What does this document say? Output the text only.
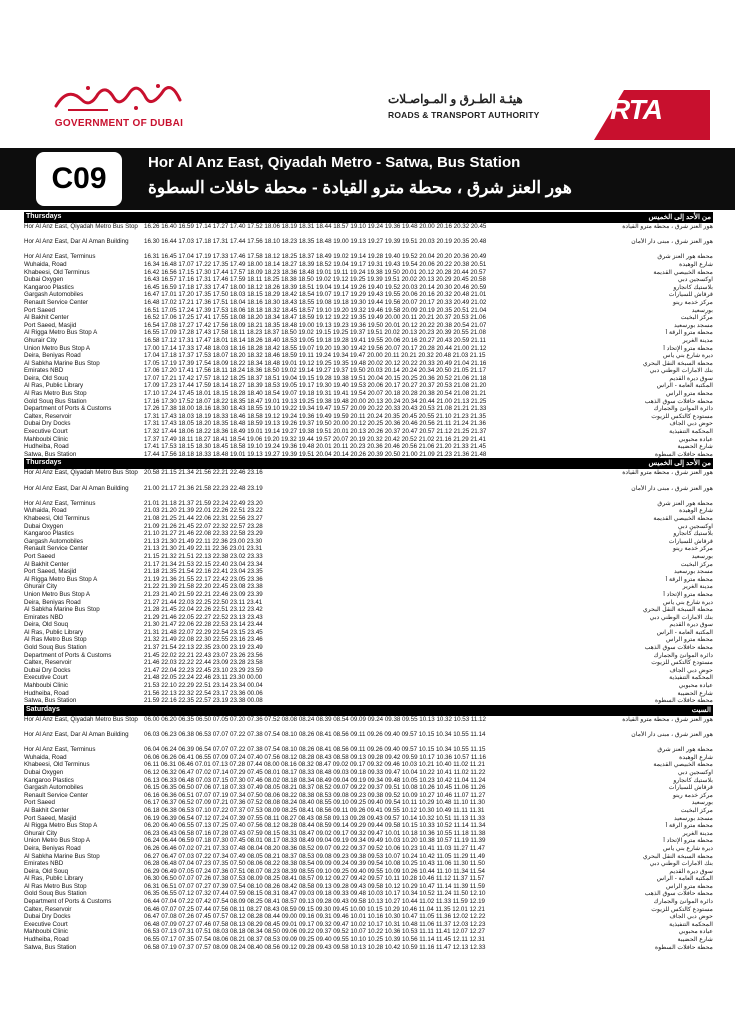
GOVERNMENT OF DUBAI
هيئـة الطـرق و المـواصـلات
ROADS & TRANSPORT AUTHORITY	RTA
C09	Hor Al Anz East, Qiyadah Metro - Satwa, Bus Station
هور العنز شرق ، محطة مترو القيادة - محطة حافلات السطوة
Thursdays	من الأحد إلى الخميس
Hor Al Anz East, Qiyadah Metro Bus Stop 16.26 16.40 16.59 17.14 17.27 17.40 17.52 18.06 18.19 18.31 18.44 18.57 19.10 19.24 19.36 19.48 20.00 20.16 20.32 20.45	هور العنز شرق ، محطة مترو القيادة
Hor Al Anz East, Dar Al Aman Building	16.30 16.44 17.03 17.18 17.31 17.44 17.56 18.10 18.23 18.35 18.48 19.00 19.13 19.27 19.39 19.51 20.03 20.19 20.35 20.48	هور العنز شرق ، مبنى دار الأمان
Hor Al Anz East, Terminus	16.31 16.45 17.04 17.19 17.33 17.46 17.58 18.12 18.25 18.37 18.49 19.02 19.14 19.28 19.40 19.52 20.04 20.20 20.36 20.49	محطة هور العنز شرق
Wuhaida, Road	16.34 16.48 17.07 17.22 17.35 17.49 18.00 18.14 18.27 18.39 18.52 19.04 19.17 19.31 19.43 19.54 20.06 20.22 20.38 20.51	شارع الوهيدة
Khabeesi, Old Terminus	16.42 16.56 17.15 17.30 17.44 17.57 18.09 18.23 18.36 18.48 19.01 19.11 19.24 19.38 19.50 20.01 20.12 20.28 20.44 20.57	محطة الخبيصي القديمة
Dubai Oxygen	16.43 16.57 17.16 17.31 17.46 17.59 18.11 18.25 18.38 18.50 19.02 19.12 19.25 19.39 19.51 20.02 20.13 20.29 20.45 20.58	اوكسجين دبي
Kangaroo Plastics	16.45 16.59 17.18 17.33 17.47 18.00 18.12 18.26 18.39 18.51 19.04 19.14 19.26 19.40 19.52 20.03 20.14 20.30 20.46 20.59	بلاستيك كانجارو
Gargash Automobiles	16.47 17.01 17.20 17.35 17.50 18.03 18.15 18.29 18.42 18.54 19.07 19.17 19.29 19.43 19.55 20.06 20.16 20.32 20.48 21.01	قرقاش للسيارات
Renault Service Center	16.48 17.02 17.21 17.36 17.51 18.04 18.16 18.30 18.43 18.55 19.08 19.18 19.30 19.44 19.56 20.07 20.17 20.33 20.49 21.02	مركز خدمة رينو
Port Saeed	16.51 17.05 17.24 17.39 17.53 18.06 18.18 18.32 18.45 18.57 19.10 19.20 19.32 19.46 19.58 20.09 20.19 20.35 20.51 21.04	بورسعيد
Al Bakhit Center	16.52 17.06 17.25 17.41 17.55 18.08 18.20 18.34 18.47 18.59 19.12 19.22 19.35 19.49 20.00 20.11 20.21 20.37 20.53 21.06	مركز البخيت
Port Saeed, Masjid	16.54 17.08 17.27 17.42 17.56 18.09 18.21 18.35 18.48 19.00 19.13 19.23 19.36 19.50 20.01 20.12 20.22 20.38 20.54 21.07	مسجد بورسعيد
Al Rigga Metro Bus Stop A	16.55 17.09 17.28 17.43 17.58 18.11 18.23 18.37 18.50 19.02 19.15 19.25 19.37 19.51 20.02 20.13 20.23 20.39 20.55 21.08	محطة مترو الرقة أ
Ghurair City	16.58 17.12 17.31 17.47 18.01 18.14 18.26 18.40 18.53 19.05 19.18 19.28 19.41 19.55 20.06 20.16 20.27 20.43 20.59 21.11	مدينة الغرير
Union Metro Bus Stop A	17.00 17.14 17.33 17.48 18.03 18.16 18.28 18.42 18.55 19.07 19.20 19.30 19.42 19.56 20.07 20.17 20.28 20.44 21.00 21.12	محطة مترو الإتحاد أ
Deira, Beniyas Road	17.04 17.18 17.37 17.53 18.07 18.20 18.32 18.46 18.59 19.11 19.24 19.34 19.47 20.00 20.11 20.21 20.32 20.48 21.03 21.15	ديرة شارع بني ياس
Al Sabkha Marine Bus Stop	17.05 17.19 17.39 17.54 18.09 18.22 18.34 18.48 19.01 19.12 19.25 19.35 19.48 20.02 20.12 20.22 20.33 20.49 21.04 21.16	محطة السبخة النقل البحري
Emirates NBD	17.06 17.20 17.41 17.56 18.11 18.24 18.36 18.50 19.02 19.14 19.27 19.37 19.50 20.03 20.14 20.24 20.34 20.50 21.05 21.17	بنك الامارات الوطني دبي
Deira, Old Souq	17.07 17.21 17.42 17.57 18.12 18.25 18.37 18.51 19.04 19.15 19.28 19.38 19.51 20.04 20.15 20.25 20.36 20.52 21.06 21.18	سوق ديرة القديم
Al Ras, Public Library	17.09 17.23 17.44 17.59 18.14 18.27 18.39 18.53 19.05 19.17 19.30 19.40 19.53 20.06 20.17 20.27 20.37 20.53 21.08 21.20	المكتبة العامة - الراس
Al Ras Metro Bus Stop	17.10 17.24 17.45 18.01 18.15 18.28 18.40 18.54 19.07 19.18 19.31 19.41 19.54 20.07 20.18 20.28 20.38 20.54 21.08 21.21	محطة مترو الراس
Gold Souq Bus Station	17.16 17.30 17.52 18.07 18.22 18.35 18.47 19.01 19.13 19.25 19.38 19.48 20.00 20.13 20.24 20.34 20.44 21.00 21.13 21.25	محطة حافلات سوق الذهب
Department of Ports & Customs	17.26 17.38 18.00 18.16 18.30 18.43 18.55 19.10 19.22 19.34 19.47 19.57 20.09 20.22 20.33 20.43 20.53 21.08 21.21 21.33	دائرة الموانئ والجمارك
Caltex, Reservoir	17.31 17.43 18.03 18.19 18.33 18.46 18.58 19.12 19.24 19.36 19.49 19.59 20.11 20.24 20.35 20.45 20.55 21.10 21.23 21.35	مستودع كالتكس للزيوت
Dubai Dry Docks	17.31 17.43 18.05 18.20 18.35 18.48 18.59 19.13 19.26 19.37 19.50 20.00 20.12 20.25 20.36 20.46 20.56 21.11 21.24 21.36	حوض دبي الجاف
Executive Court	17.32 17.44 18.06 18.22 18.36 18.49 19.01 19.14 19.27 19.38 19.51 20.01 20.13 20.26 20.37 20.47 20.57 21.12 21.25 21.37	المحكمة التنفيذية
Mahboubi Clinic	17.37 17.49 18.11 18.27 18.41 18.54 19.06 19.20 19.32 19.44 19.57 20.07 20.19 20.32 20.42 20.52 21.02 21.16 21.29 21.41	عيادة محبوبي
Hudheiba, Road	17.41 17.53 18.15 18.30 18.45 18.58 19.10 19.24 19.36 19.48 20.01 20.11 20.23 20.36 20.46 20.56 21.06 21.20 21.33 21.45	شارع الحضيبة
Satwa, Bus Station	17.44 17.56 18.18 18.33 18.48 19.01 19.13 19.27 19.39 19.51 20.04 20.14 20.26 20.39 20.50 21.00 21.09 21.23 21.36 21.48	محطة حافلات السطوة
Thursdays	من الأحد إلى الخميس
Hor Al Anz East, Qiyadah Metro Bus Stop 20.58 21.15 21.34 21.56 22.21 22.46 23.16	هور العنز شرق ، محطة مترو القيادة
Hor Al Anz East, Dar Al Aman Building	21.00 21.17 21.36 21.58 22.23 22.48 23.19	هور العنز شرق ، مبنى دار الأمان
Hor Al Anz East, Terminus	21.01 21.18 21.37 21.59 22.24 22.49 23.20	محطة هور العنز شرق
Wuhaida, Road	21.03 21.20 21.39 22.01 22.26 22.51 23.22	شارع الوهيدة
Khabeesi, Old Terminus	21.08 21.25 21.44 22.06 22.31 22.56 23.27	محطة الخبيصي القديمة
Dubai Oxygen	21.09 21.26 21.45 22.07 22.32 22.57 23.28	اوكسجين دبي
Kangaroo Plastics	21.10 21.27 21.46 22.08 22.33 22.58 23.29	بلاستيك كانجارو
Gargash Automobiles	21.13 21.30 21.49 22.11 22.36 23.00 23.30	قرقاش للسيارات
Renault Service Center	21.13 21.30 21.49 22.11 22.36 23.01 23.31	مركز خدمة رينو
Port Saeed	21.15 21.32 21.51 22.13 22.38 23.02 23.33	بورسعيد
Al Bakhit Center	21.17 21.34 21.53 22.15 22.40 23.04 23.34	مركز البخيت
Port Saeed, Masjid	21.18 21.35 21.54 22.16 22.41 23.04 23.35	مسجد بورسعيد
Al Rigga Metro Bus Stop A	21.19 21.36 21.55 22.17 22.42 23.05 23.36	محطة مترو الرقة أ
Ghurair City	21.22 21.39 21.58 22.20 22.45 23.08 23.38	مدينة الغرير
Union Metro Bus Stop A	21.23 21.40 21.59 22.21 22.46 23.09 23.39	محطة مترو الإتحاد أ
Deira, Beniyas Road	21.27 21.44 22.03 22.25 22.50 23.11 23.41	ديرة شارع بني ياس
Al Sabkha Marine Bus Stop	21.28 21.45 22.04 22.26 22.51 23.12 23.42	محطة السبخة النقل البحري
Emirates NBD	21.29 21.46 22.05 22.27 22.52 23.13 23.43	بنك الامارات الوطني دبي
Deira, Old Souq	21.30 21.47 22.06 22.28 22.53 23.14 23.44	سوق ديرة القديم
Al Ras, Public Library	21.31 21.48 22.07 22.29 22.54 23.15 23.45	المكتبة العامة - الراس
Al Ras Metro Bus Stop	21.32 21.49 22.08 22.30 22.55 23.16 23.46	محطة مترو الراس
Gold Souq Bus Station	21.37 21.54 22.13 22.35 23.00 23.19 23.49	محطة حافلات سوق الذهب
Department of Ports & Customs	21.45 22.02 22.21 22.43 23.07 23.26 23.56	دائرة الموانئ والجمارك
Caltex, Reservoir	21.46 22.03 22.22 22.44 23.09 23.28 23.58	مستودع كالتكس للزيوت
Dubai Dry Docks	21.47 22.04 22.23 22.45 23.10 23.29 23.59	حوض دبي الجاف
Executive Court	21.48 22.05 22.24 22.46 23.11 23.30 00.00	المحكمة التنفيذية
Mahboubi Clinic	21.53 22.10 22.29 22.51 23.14 23.34 00.04	عيادة محبوبي
Hudheiba, Road	21.56 22.13 22.32 22.54 23.17 23.36 00.06	شارع الحضيبة
Satwa, Bus Station	21.59 22.16 22.35 22.57 23.19 23.38 00.08	محطة حافلات السطوة
Saturdays	السبت
Hor Al Anz East, Qiyadah Metro Bus Stop 06.00 06.20 06.35 06.50 07.05 07.20 07.36 07.52 08.08 08.24 08.39 08.54 09.09 09.24 09.38 09.55 10.13 10.32 10.53 11.12	هور العنز شرق ، محطة مترو القيادة
Hor Al Anz East, Dar Al Aman Building	06.03 06.23 06.38 06.53 07.07 07.22 07.38 07.54 08.10 08.26 08.41 08.56 09.11 09.26 09.40 09.57 10.15 10.34 10.55 11.14	هور العنز شرق ، مبنى دار الأمان
Hor Al Anz East, Terminus	06.04 06.24 06.39 06.54 07.07 07.22 07.38 07.54 08.10 08.26 08.41 08.56 09.11 09.26 09.40 09.57 10.15 10.34 10.55 11.15	محطة هور العنز شرق
Wuhaida, Road	06.06 06.26 06.41 06.55 07.09 07.24 07.40 07.56 08.12 08.28 08.43 08.58 09.13 09.28 09.42 09.59 10.17 10.36 10.57 11.16	شارع الوهيدة
Khabeesi, Old Terminus	06.11 06.31 06.46 07.01 07.13 07.28 07.44 08.00 08.16 08.32 08.47 09.02 09.17 09.32 09.46 10.03 10.21 10.40 11.02 11.21	محطة الخبيصي القديمة
Dubai Oxygen	06.12 06.32 06.47 07.02 07.14 07.29 07.45 08.01 08.17 08.33 08.48 09.03 09.18 09.33 09.47 10.04 10.22 10.41 11.02 11.22	اوكسجين دبي
Kangaroo Plastics	06.13 06.33 06.48 07.03 07.15 07.30 07.46 08.02 08.18 08.34 08.49 09.04 09.19 09.34 09.48 10.05 10.23 10.42 11.04 11.24	بلاستيك كانجارو
Gargash Automobiles	06.15 06.35 06.50 07.06 07.18 07.33 07.49 08.05 08.21 08.37 08.52 09.07 09.22 09.37 09.51 10.08 10.26 10.45 11.06 11.26	قرقاش للسيارات
Renault Service Center	06.16 06.36 06.51 07.07 07.19 07.34 07.50 08.06 08.22 08.38 08.53 09.08 09.23 09.38 09.52 10.09 10.27 10.46 11.07 11.27	مركز خدمة رينو
Port Saeed	06.17 06.37 06.52 07.09 07.21 07.36 07.52 08.08 08.24 08.40 08.55 09.10 09.25 09.40 09.54 10.11 10.29 10.48 11.10 11.30	بورسعيد
Al Bakhit Center	06.18 06.38 06.53 07.10 07.22 07.37 07.53 08.09 08.25 08.41 08.56 09.11 09.26 09.41 09.55 10.12 10.30 10.49 11.11 11.31	مركز البخيت
Port Saeed, Masjid	06.19 06.39 06.54 07.12 07.24 07.39 07.55 08.11 08.27 08.43 08.58 09.13 09.28 09.43 09.57 10.14 10.32 10.51 11.13 11.33	مسجد بورسعيد
Al Rigga Metro Bus Stop A	06.20 06.40 06.55 07.13 07.25 07.40 07.56 08.12 08.28 08.44 08.59 09.14 09.29 09.44 09.58 10.15 10.33 10.52 11.14 11.34	محطة مترو الرقة أ
Ghurair City	06.23 06.43 06.58 07.16 07.28 07.43 07.59 08.15 08.31 08.47 09.02 09.17 09.32 09.47 10.01 10.18 10.36 10.55 11.18 11.38	مدينة الغرير
Union Metro Bus Stop A	06.24 06.44 06.59 07.18 07.30 07.45 08.01 08.17 08.33 08.49 09.04 09.19 09.34 09.49 10.03 10.20 10.38 10.57 11.19 11.39	محطة مترو الإتحاد أ
Deira, Beniyas Road	06.26 06.46 07.02 07.21 07.33 07.48 08.04 08.20 08.36 08.52 09.07 09.22 09.37 09.52 10.06 10.23 10.41 11.03 11.27 11.47	ديرة شارع بني ياس
Al Sabkha Marine Bus Stop	06.27 06.47 07.03 07.22 07.34 07.49 08.05 08.21 08.37 08.53 09.08 09.23 09.38 09.53 10.07 10.24 10.42 11.05 11.29 11.49	محطة السبخة النقل البحري
Emirates NBD	06.28 06.48 07.04 07.23 07.35 07.50 08.06 08.22 08.38 08.54 09.09 09.24 09.39 09.54 10.08 10.25 10.43 11.06 11.30 11.50	بنك الامارات الوطني دبي
Deira, Old Souq	06.29 06.49 07.05 07.24 07.36 07.51 08.07 08.23 08.39 08.55 09.10 09.25 09.40 09.55 10.09 10.26 10.44 11.10 11.34 11.54	سوق ديرة القديم
Al Ras, Public Library	06.30 06.50 07.07 07.26 07.38 07.53 08.09 08.25 08.41 08.57 09.12 09.27 09.42 09.57 10.11 10.28 10.46 11.12 11.37 11.57	المكتبة العامة - الراس
Al Ras Metro Bus Stop	06.31 06.51 07.07 07.27 07.39 07.54 08.10 08.26 08.42 08.58 09.13 09.28 09.43 09.58 10.12 10.29 10.47 11.14 11.39 11.59	محطة مترو الراس
Gold Souq Bus Station	06.35 06.55 07.12 07.32 07.44 07.59 08.15 08.31 08.47 09.03 09.18 09.33 09.48 10.03 10.17 10.34 10.52 11.24 11.50 12.10	محطة حافلات سوق الذهب
Department of Ports & Customs	06.44 07.04 07.22 07.42 07.54 08.09 08.25 08.41 08.57 09.13 09.28 09.43 09.58 10.13 10.27 10.44 11.02 11.33 11.59 12.19	دائرة الموانئ والجمارك
Caltex, Reservoir	06.46 07.07 07.25 07.44 07.56 08.11 08.27 08.43 08.59 09.15 09.30 09.45 10.00 10.15 10.29 10.46 11.04 11.35 12.01 12.21	مستودع كالتكس للزيوت
Dubai Dry Docks	06.47 07.08 07.26 07.45 07.57 08.12 08.28 08.44 09.00 09.16 09.31 09.46 10.01 10.16 10.30 10.47 11.05 11.36 12.02 12.22	حوض دبي الجاف
Executive Court	06.48 07.09 07.27 07.46 07.58 08.13 08.29 08.45 09.01 09.17 09.32 09.47 10.02 10.17 10.31 10.48 11.06 11.37 12.03 12.23	المحكمة التنفيذية
Mahboubi Clinic	06.53 07.13 07.31 07.51 08.03 08.18 08.34 08.50 09.06 09.22 09.37 09.52 10.07 10.22 10.36 10.53 11.11 11.41 12.07 12.27	عيادة محبوبي
Hudheiba, Road	06.55 07.17 07.35 07.54 08.06 08.21 08.37 08.53 09.09 09.25 09.40 09.55 10.10 10.25 10.39 10.56 11.14 11.45 12.11 12.31	شارع الحضيبة
Satwa, Bus Station	06.58 07.19 07.37 07.57 08.09 08.24 08.40 08.56 09.12 09.28 09.43 09.58 10.13 10.28 10.42 10.59 11.16 11.47 12.13 12.33	محطة حافلات السطوة
